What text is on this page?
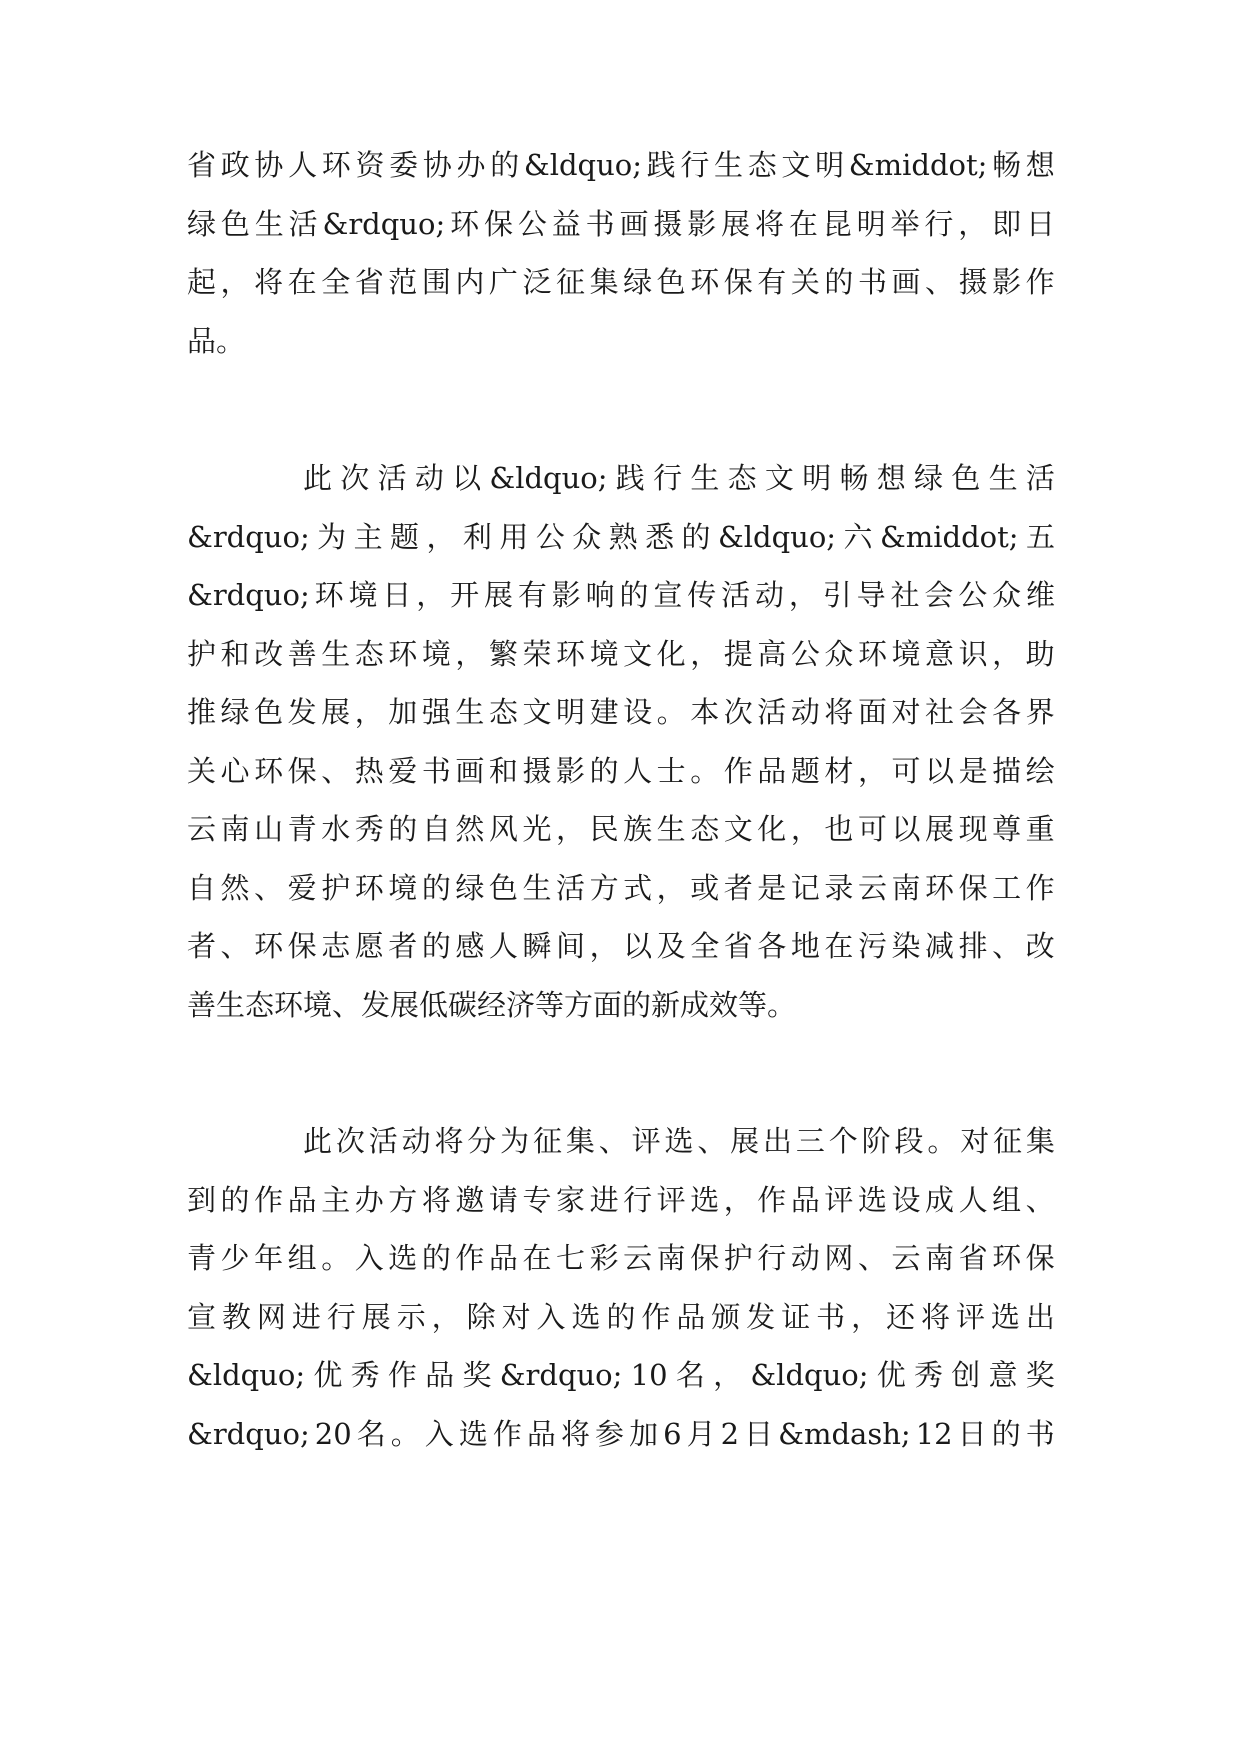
省 政 协 人 环 资 委 协 办 的 &ldquo; 践 行 生 态 文 明 &middot; 畅 想
绿 色 生 活 &rdquo; 环 保 公 益 书 画 摄 影 展 将 在 昆 明 举 行 ， 即 日
起 ， 将 在 全 省 范 围 内 广 泛 征 集 绿 色 环 保 有 关 的 书 画 、 摄 影 作
品。
此 次 活 动 以 &ldquo; 践 行 生 态 文 明 畅 想 绿 色 生 活
&rdquo; 为 主 题 ， 利 用 公 众 熟 悉 的 &ldquo; 六 &middot; 五
&rdquo; 环 境 日 ， 开 展 有 影 响 的 宣 传 活 动 ， 引 导 社 会 公 众 维
护 和 改 善 生 态 环 境 ， 繁 荣 环 境 文 化 ， 提 高 公 众 环 境 意 识 ， 助
推 绿 色 发 展 ， 加 强 生 态 文 明 建 设 。 本 次 活 动 将 面 对 社 会 各 界
关 心 环 保 、 热 爱 书 画 和 摄 影 的 人 士 。 作 品 题 材 ， 可 以 是 描 绘
云 南 山 青 水 秀 的 自 然 风 光 ， 民 族 生 态 文 化 ， 也 可 以 展 现 尊 重
自 然 、 爱 护 环 境 的 绿 色 生 活 方 式 ， 或 者 是 记 录 云 南 环 保 工 作
者 、 环 保 志 愿 者 的 感 人 瞬 间 ， 以 及 全 省 各 地 在 污 染 减 排 、 改
善生态环境、发展低碳经济等方面的新成效等。
此 次 活 动 将 分 为 征 集 、 评 选 、 展 出 三 个 阶 段 。 对 征 集
到 的 作 品 主 办 方 将 邀 请 专 家 进 行 评 选 ， 作 品 评 选 设 成 人 组 、
青 少 年 组 。 入 选 的 作 品 在 七 彩 云 南 保 护 行 动 网 、 云 南 省 环 保
宣 教 网 进 行 展 示 ， 除 对 入 选 的 作 品 颁 发 证 书 ， 还 将 评 选 出
&ldquo; 优 秀 作 品 奖 &rdquo; 10 名 ， &ldquo; 优 秀 创 意 奖
&rdquo; 20 名 。 入 选 作 品 将 参 加 6 月 2 日 &mdash; 12 日 的 书
